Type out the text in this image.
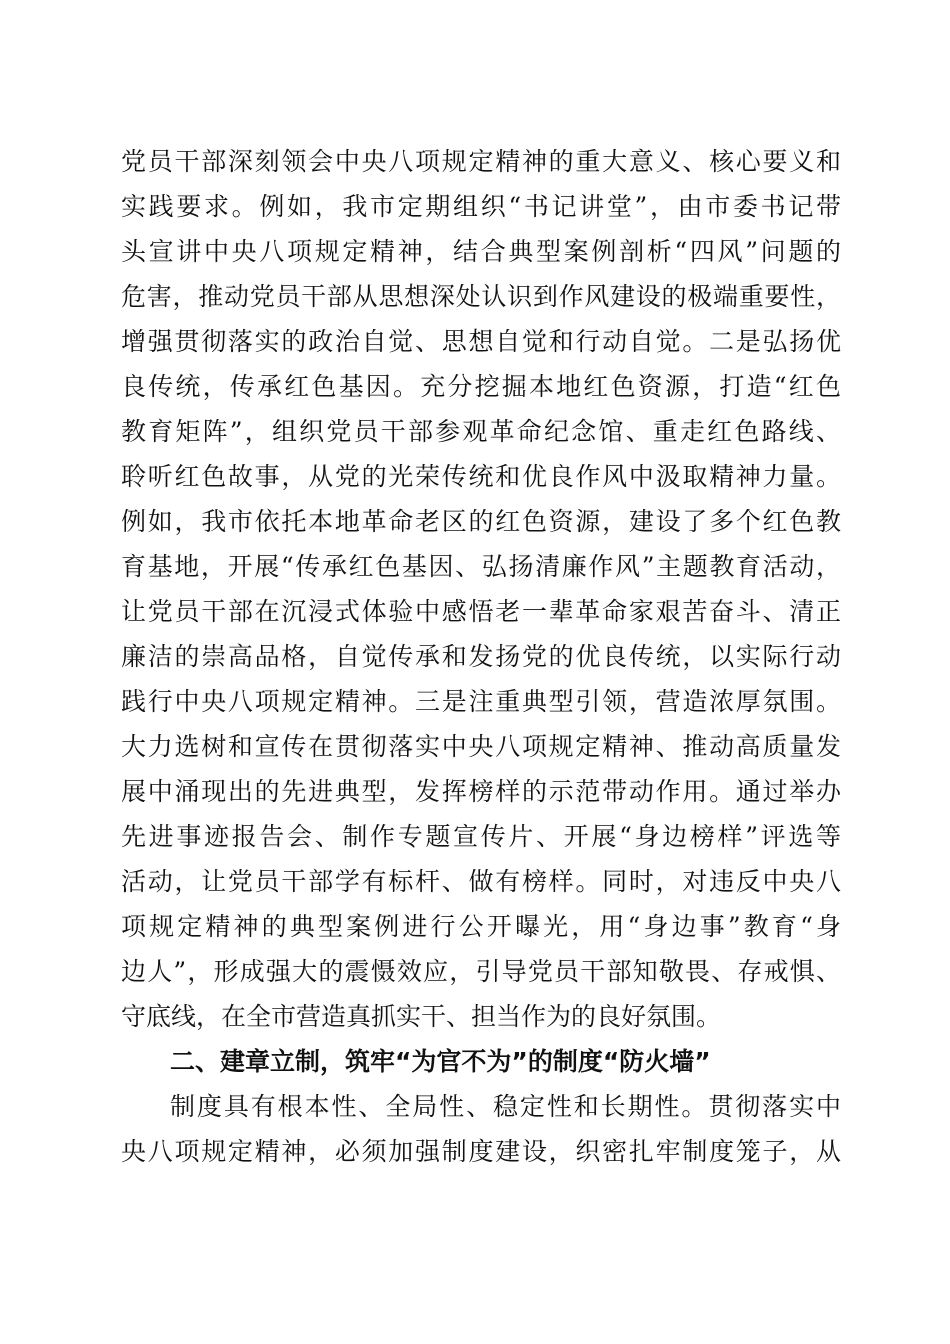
党员干部深刻领会中央八项规定精神的重大意义、核心要义和
实践要求。例如，我市定期组织“书记讲堂”，由市委书记带
头宣讲中央八项规定精神，结合典型案例剖析“四风”问题的
危害，推动党员干部从思想深处认识到作风建设的极端重要性，
增强贯彻落实的政治自觉、思想自觉和行动自觉。二是弘扬优
良传统，传承红色基因。充分挖掘本地红色资源，打造“红色
教育矩阵”，组织党员干部参观革命纪念馆、重走红色路线、
聆听红色故事，从党的光荣传统和优良作风中汲取精神力量。
例如，我市依托本地革命老区的红色资源，建设了多个红色教
育基地，开展“传承红色基因、弘扬清廉作风”主题教育活动，
让党员干部在沉浸式体验中感悟老一辈革命家艰苦奋斗、清正
廉洁的崇高品格，自觉传承和发扬党的优良传统，以实际行动
践行中央八项规定精神。三是注重典型引领，营造浓厚氛围。
大力选树和宣传在贯彻落实中央八项规定精神、推动高质量发
展中涌现出的先进典型，发挥榜样的示范带动作用。通过举办
先进事迹报告会、制作专题宣传片、开展“身边榜样”评选等
活动，让党员干部学有标杆、做有榜样。同时，对违反中央八
项规定精神的典型案例进行公开曝光，用“身边事”教育“身
边人”，形成强大的震慑效应，引导党员干部知敬畏、存戒惧、
守底线，在全市营造真抓实干、担当作为的良好氛围。
二、建章立制，筑牢“为官不为”的制度“防火墙”
制度具有根本性、全局性、稳定性和长期性。贯彻落实中
央八项规定精神，必须加强制度建设，织密扎牢制度笼子，从
